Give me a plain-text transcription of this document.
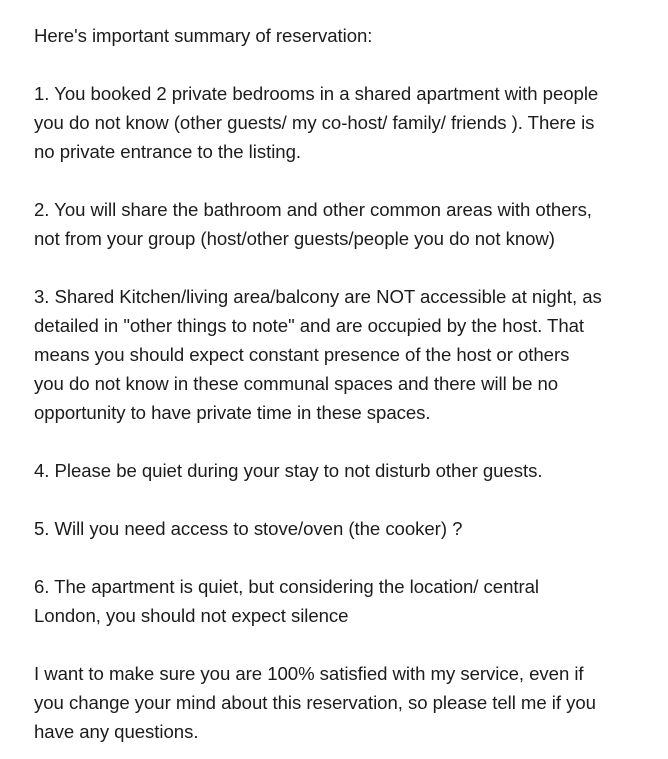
Here's important summary of reservation:

1. You booked 2 private bedrooms in a shared apartment with people
you do not know (other guests/ my co-host/ family/ friends ). There is
no private entrance to the listing.

2. You will share the bathroom and other common areas with others,
not from your group (host/other guests/people you do not know)

3. Shared Kitchen/living area/balcony are NOT accessible at night, as
detailed in "other things to note" and are occupied by the host. That
means you should expect constant presence of the host or others
you do not know in these communal spaces and there will be no
opportunity to have private time in these spaces.

4. Please be quiet during your stay to not disturb other guests.

5. Will you need access to stove/oven (the cooker) ?

6. The apartment is quiet, but considering the location/ central
London, you should not expect silence

I want to make sure you are 100% satisfied with my service, even if
you change your mind about this reservation, so please tell me if you
have any questions.
